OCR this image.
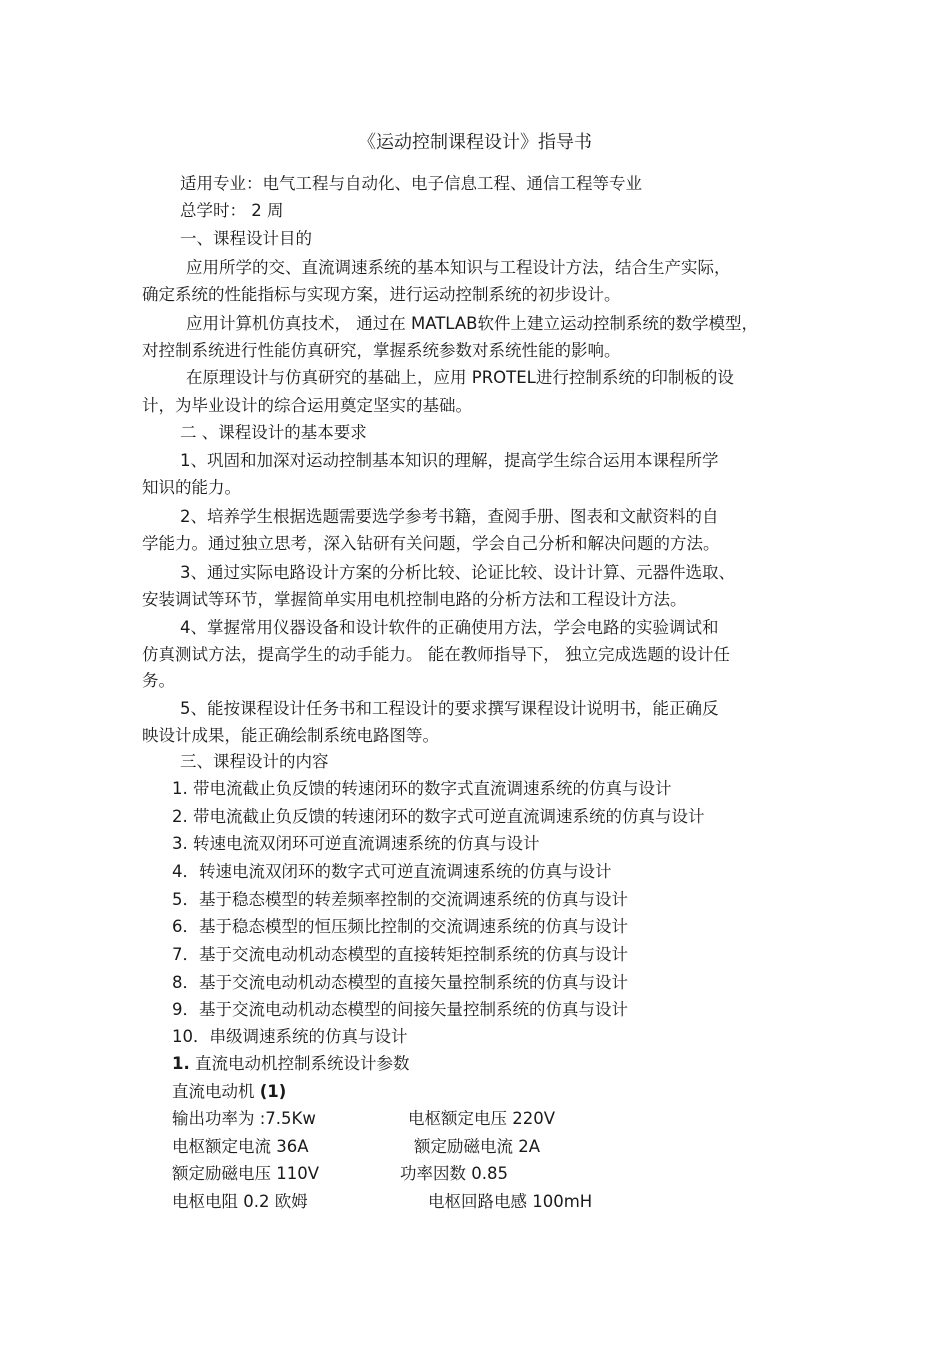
《运动控制课程设计》指导书
适用专业：电气工程与自动化、电子信息工程、通信工程等专业
总学时： 2 周
一、课程设计目的
应用所学的交、直流调速系统的基本知识与工程设计方法，结合生产实际，
确定系统的性能指标与实现方案，进行运动控制系统的初步设计。
应用计算机仿真技术， 通过在 MATLAB软件上建立运动控制系统的数学模型，
对控制系统进行性能仿真研究，掌握系统参数对系统性能的影响。
在原理设计与仿真研究的基础上，应用 PROTEL进行控制系统的印制板的设
计，为毕业设计的综合运用奠定坚实的基础。
二 、课程设计的基本要求
1、巩固和加深对运动控制基本知识的理解，提高学生综合运用本课程所学
知识的能力。
2、培养学生根据选题需要选学参考书籍，查阅手册、图表和文献资料的自
学能力。通过独立思考，深入钻研有关问题，学会自己分析和解决问题的方法。
3、通过实际电路设计方案的分析比较、论证比较、设计计算、元器件选取、
安装调试等环节，掌握简单实用电机控制电路的分析方法和工程设计方法。
4、掌握常用仪器设备和设计软件的正确使用方法，学会电路的实验调试和
仿真测试方法，提高学生的动手能力。 能在教师指导下， 独立完成选题的设计任
务。
5、能按课程设计任务书和工程设计的要求撰写课程设计说明书，能正确反
映设计成果，能正确绘制系统电路图等。
三、课程设计的内容
1. 带电流截止负反馈的转速闭环的数字式直流调速系统的仿真与设计
2. 带电流截止负反馈的转速闭环的数字式可逆直流调速系统的仿真与设计
3. 转速电流双闭环可逆直流调速系统的仿真与设计
4．转速电流双闭环的数字式可逆直流调速系统的仿真与设计
5．基于稳态模型的转差频率控制的交流调速系统的仿真与设计
6．基于稳态模型的恒压频比控制的交流调速系统的仿真与设计
7．基于交流电动机动态模型的直接转矩控制系统的仿真与设计
8．基于交流电动机动态模型的直接矢量控制系统的仿真与设计
9．基于交流电动机动态模型的间接矢量控制系统的仿真与设计
10．串级调速系统的仿真与设计
1. 直流电动机控制系统设计参数
直流电动机 (1)
输出功率为 :7.5Kw	电枢额定电压 220V
电枢额定电流 36A	额定励磁电流 2A
额定励磁电压 110V	功率因数 0.85
电枢电阻 0.2 欧姆	电枢回路电感 100mH
